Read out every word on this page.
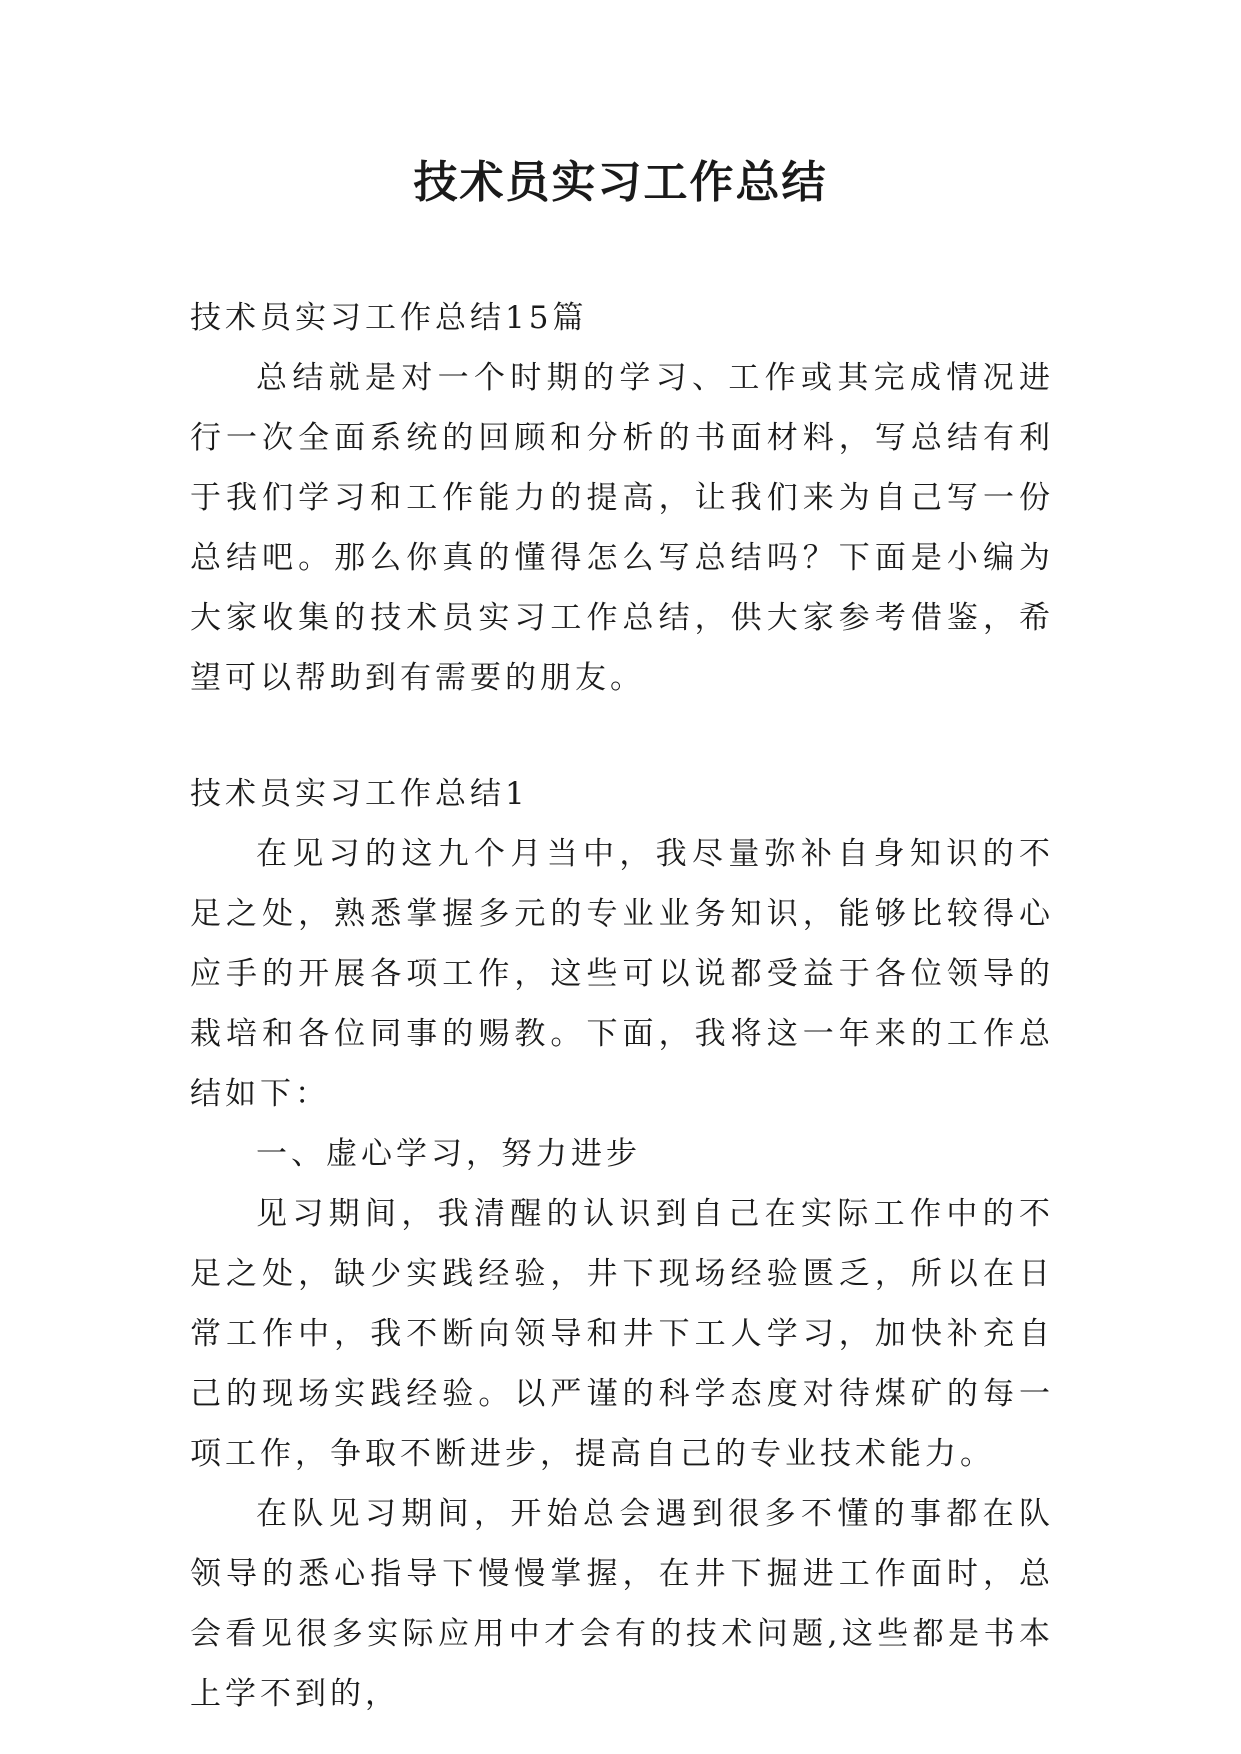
技术员实习工作总结

技术员实习工作总结15篇

总结就是对一个时期的学习、工作或其完成情况进行一次全面系统的回顾和分析的书面材料，写总结有利于我们学习和工作能力的提高，让我们来为自己写一份总结吧。那么你真的懂得怎么写总结吗？下面是小编为大家收集的技术员实习工作总结，供大家参考借鉴，希望可以帮助到有需要的朋友。

技术员实习工作总结1

在见习的这九个月当中，我尽量弥补自身知识的不足之处，熟悉掌握多元的专业业务知识，能够比较得心应手的开展各项工作，这些可以说都受益于各位领导的栽培和各位同事的赐教。下面，我将这一年来的工作总结如下：

一、虚心学习，努力进步

见习期间，我清醒的认识到自己在实际工作中的不足之处，缺少实践经验，井下现场经验匮乏，所以在日常工作中，我不断向领导和井下工人学习，加快补充自己的现场实践经验。以严谨的科学态度对待煤矿的每一项工作，争取不断进步，提高自己的专业技术能力。

在队见习期间，开始总会遇到很多不懂的事都在队领导的悉心指导下慢慢掌握，在井下掘进工作面时，总会看见很多实际应用中才会有的技术问题,这些都是书本上学不到的，
